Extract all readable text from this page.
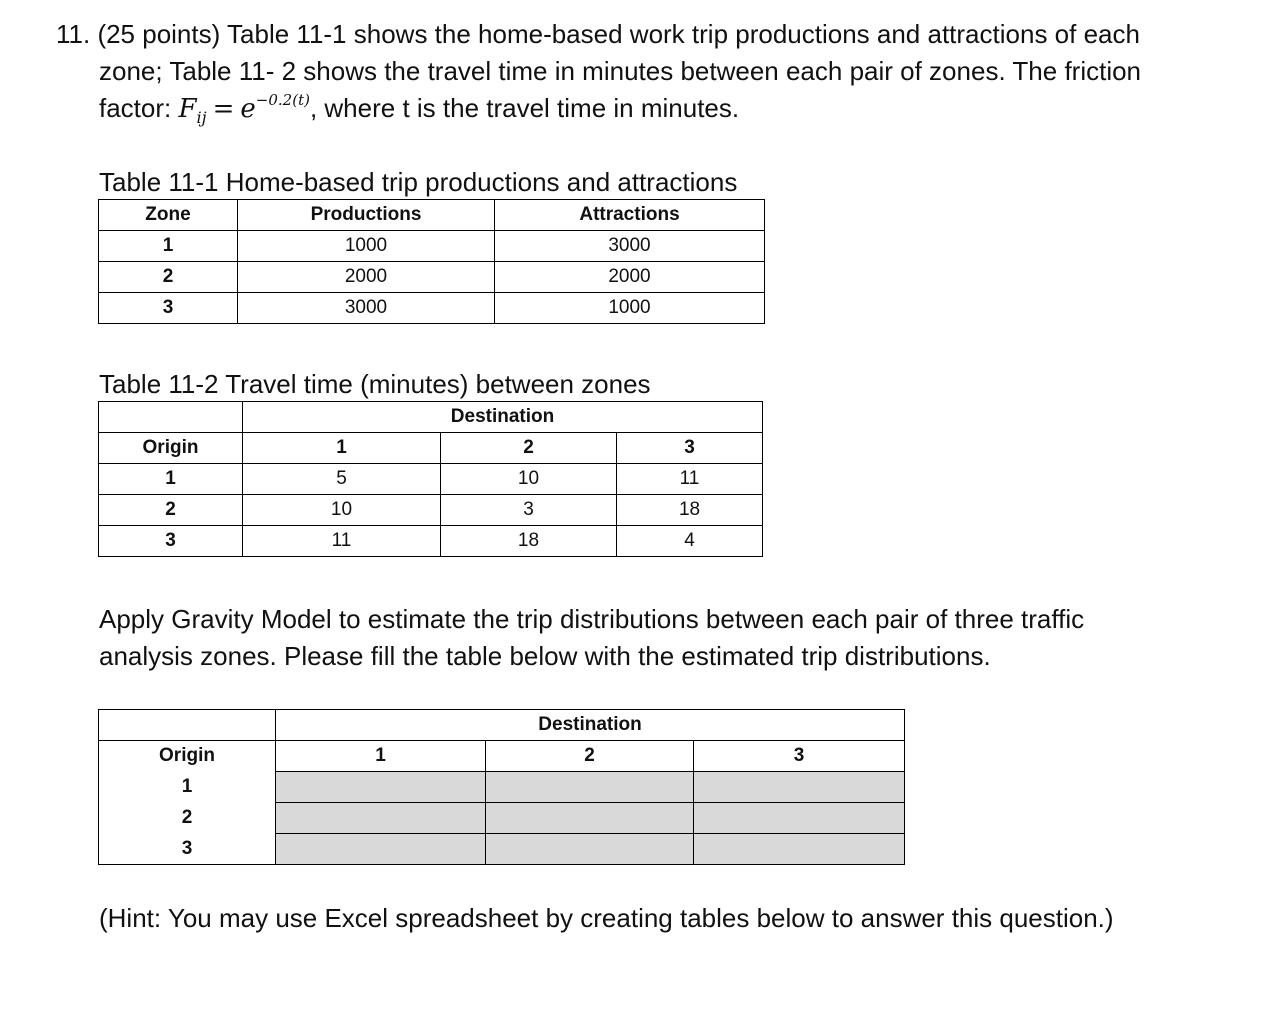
11. (25 points) Table 11-1 shows the home-based work trip productions and attractions of each
zone; Table 11- 2 shows the travel time in minutes between each pair of zones. The friction
factor: $F_{ij} = e^{-0.2(t)}$, where t is the travel time in minutes.

Table 11-1 Home-based trip productions and attractions

Zone	Productions	Attractions
1	1000	3000
2	2000	2000
3	3000	1000

Table 11-2 Travel time (minutes) between zones

	Destination		
Origin	1	2	3
1	5	10	11
2	10	3	18
3	11	18	4

Apply Gravity Model to estimate the trip distributions between each pair of three traffic
analysis zones. Please fill the table below with the estimated trip distributions.

	Destination		
Origin	1	2	3
1			
2			
3			

(Hint: You may use Excel spreadsheet by creating tables below to answer this question.)
